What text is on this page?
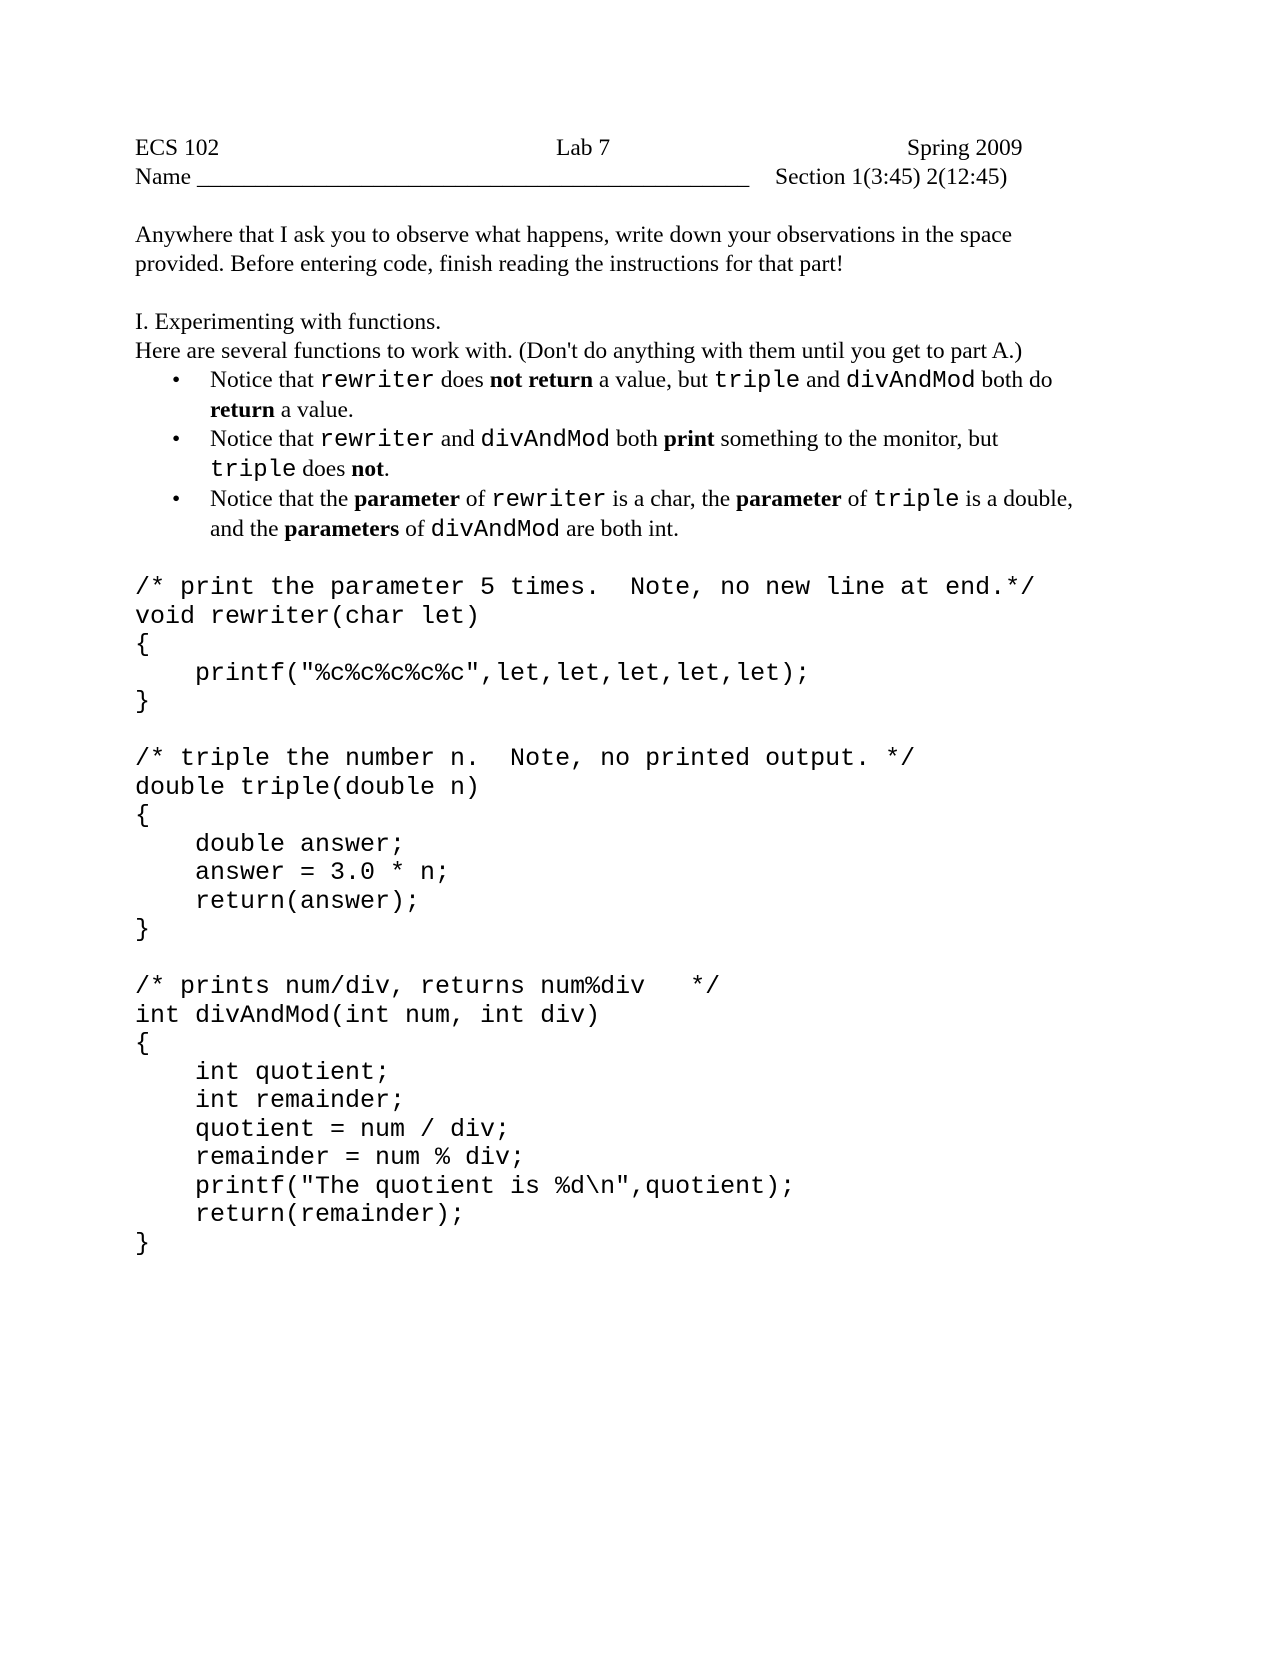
ECS 102	Lab 7	Spring 2009
Name _______________________________________________ Section 1(3:45) 2(12:45)
Anywhere that I ask you to observe what happens, write down your observations in the space
provided. Before entering code, finish reading the instructions for that part!
I. Experimenting with functions.
Here are several functions to work with. (Don't do anything with them until you get to part A.)
• Notice that rewriter does not return a value, but triple and divAndMod both do
return a value.
• Notice that rewriter and divAndMod both print something to the monitor, but
triple does not.
• Notice that the parameter of rewriter is a char, the parameter of triple is a double,
and the parameters of divAndMod are both int.
/* print the parameter 5 times.  Note, no new line at end.*/
void rewriter(char let)
{
printf("%c%c%c%c%c",let,let,let,let,let);
}
/* triple the number n.  Note, no printed output. */
double triple(double n)
{
double answer;
answer = 3.0 * n;
return(answer);
}
/* prints num/div, returns num%div   */
int divAndMod(int num, int div)
{
int quotient;
int remainder;
quotient = num / div;
remainder = num % div;
printf("The quotient is %d\n",quotient);
return(remainder);
}
